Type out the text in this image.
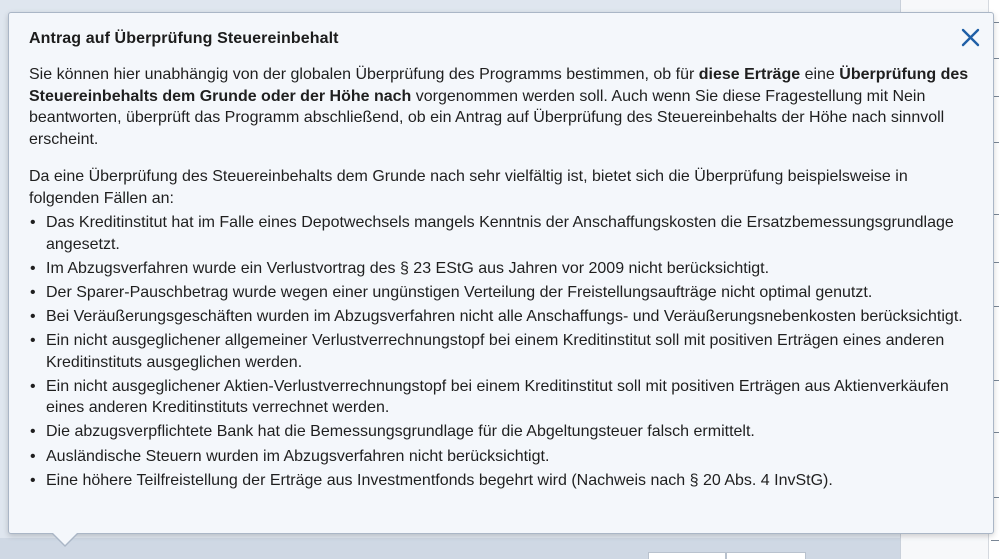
Antrag auf Überprüfung Steuereinbehalt

Sie können hier unabhängig von der globalen Überprüfung des Programms bestimmen, ob für diese Erträge eine Überprüfung des Steuereinbehalts dem Grunde oder der Höhe nach vorgenommen werden soll. Auch wenn Sie diese Fragestellung mit Nein beantworten, überprüft das Programm abschließend, ob ein Antrag auf Überprüfung des Steuereinbehalts der Höhe nach sinnvoll erscheint.

Da eine Überprüfung des Steuereinbehalts dem Grunde nach sehr vielfältig ist, bietet sich die Überprüfung beispielsweise in folgenden Fällen an:

• Das Kreditinstitut hat im Falle eines Depotwechsels mangels Kenntnis der Anschaffungskosten die Ersatzbemessungsgrundlage angesetzt.
• Im Abzugsverfahren wurde ein Verlustvortrag des § 23 EStG aus Jahren vor 2009 nicht berücksichtigt.
• Der Sparer-Pauschbetrag wurde wegen einer ungünstigen Verteilung der Freistellungsaufträge nicht optimal genutzt.
• Bei Veräußerungsgeschäften wurden im Abzugsverfahren nicht alle Anschaffungs- und Veräußerungsnebenkosten berücksichtigt.
• Ein nicht ausgeglichener allgemeiner Verlustverrechnungstopf bei einem Kreditinstitut soll mit positiven Erträgen eines anderen Kreditinstituts ausgeglichen werden.
• Ein nicht ausgeglichener Aktien-Verlustverrechnungstopf bei einem Kreditinstitut soll mit positiven Erträgen aus Aktienverkäufen eines anderen Kreditinstituts verrechnet werden.
• Die abzugsverpflichtete Bank hat die Bemessungsgrundlage für die Abgeltungsteuer falsch ermittelt.
• Ausländische Steuern wurden im Abzugsverfahren nicht berücksichtigt.
• Eine höhere Teilfreistellung der Erträge aus Investmentfonds begehrt wird (Nachweis nach § 20 Abs. 4 InvStG).
